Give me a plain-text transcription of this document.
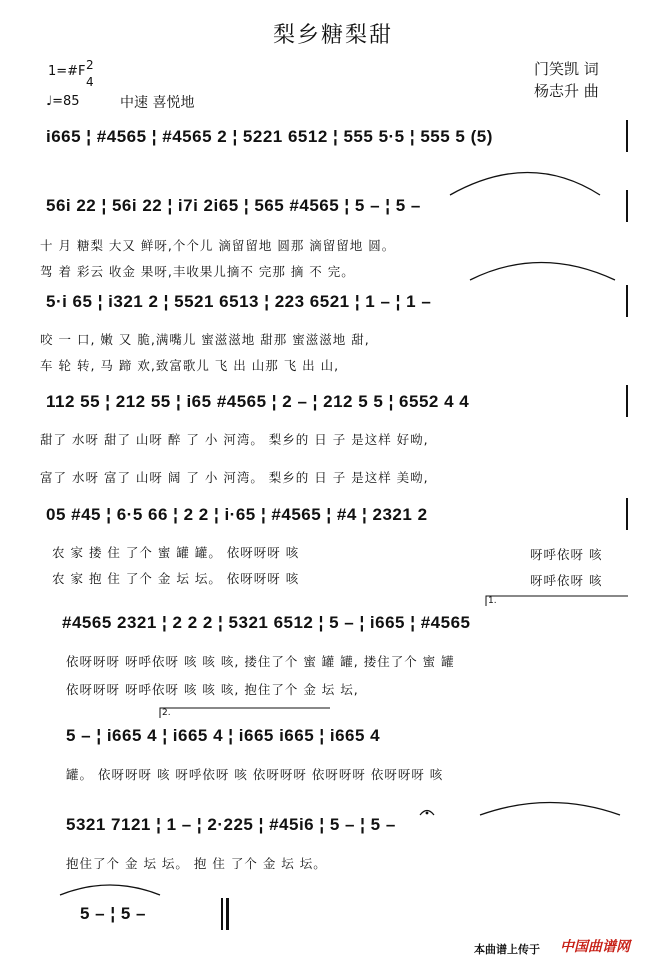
梨乡糖梨甜
门笑凯 词
杨志升 曲
1=#F 2
4
♩=85	中速 喜悦地
i665 ¦ #4565 ¦ #4565 2 ¦ 5221 6512 ¦ 555 5·5 ¦ 555 5 (5)
56i 22 ¦ 56i 22 ¦ i7i 2i65 ¦ 565 #4565 ¦ 5 – ¦ 5 –
十 月 糖梨 大又 鲜呀,个个儿 滴留留地 圆那 滴留留地 圆。
驾 着 彩云 收金 果呀,丰收果儿摘不 完那 摘 不 完。
5·i 65 ¦ i321 2 ¦ 5521 6513 ¦ 223 6521 ¦ 1 – ¦ 1 –
咬 一 口, 嫩 又 脆,满嘴儿 蜜滋滋地 甜那 蜜滋滋地 甜,
车 轮 转, 马 蹄 欢,致富歌儿 飞 出 山那 飞 出 山,
112 55 ¦ 212 55 ¦ i65 #4565 ¦ 2 – ¦ 212 5 5 ¦ 6552 4 4
甜了 水呀 甜了 山呀 醉 了 小 河湾。 梨乡的 日 子 是这样 好呦,
富了 水呀 富了 山呀 阔 了 小 河湾。 梨乡的 日 子 是这样 美呦,
05 #45 ¦ 6·5 66 ¦ 2 2 ¦ i·65 ¦ #4565 ¦ #4 ¦ 2321 2
农 家 搂 住 了个 蜜 罐 罐。 依呀呀呀 咳
农 家 抱 住 了个 金 坛 坛。 依呀呀呀 咳
呀呼依呀 咳
呀呼依呀 咳
#4565 2321 ¦ 2 2 2 ¦ 5321 6512 ¦ 5 – ¦ i665 ¦ #4565
依呀呀呀 呀呼依呀 咳 咳 咳, 搂住了个 蜜 罐 罐, 搂住了个 蜜 罐
依呀呀呀 呀呼依呀 咳 咳 咳, 抱住了个 金 坛 坛,
1.
5 – ¦ i665 4 ¦ i665 4 ¦ i665 i665 ¦ i665 4
罐。 依呀呀呀 咳 呀呼依呀 咳 依呀呀呀 依呀呀呀 依呀呀呀 咳
2.
5321 7121 ¦ 1 – ¦ 2·225 ¦ #45i6 ¦ 5 – ¦ 5 –
抱住了个 金 坛 坛。 抱 住 了个 金 坛 坛。
5 – ¦ 5 –
本曲谱上传于 中国曲谱网
